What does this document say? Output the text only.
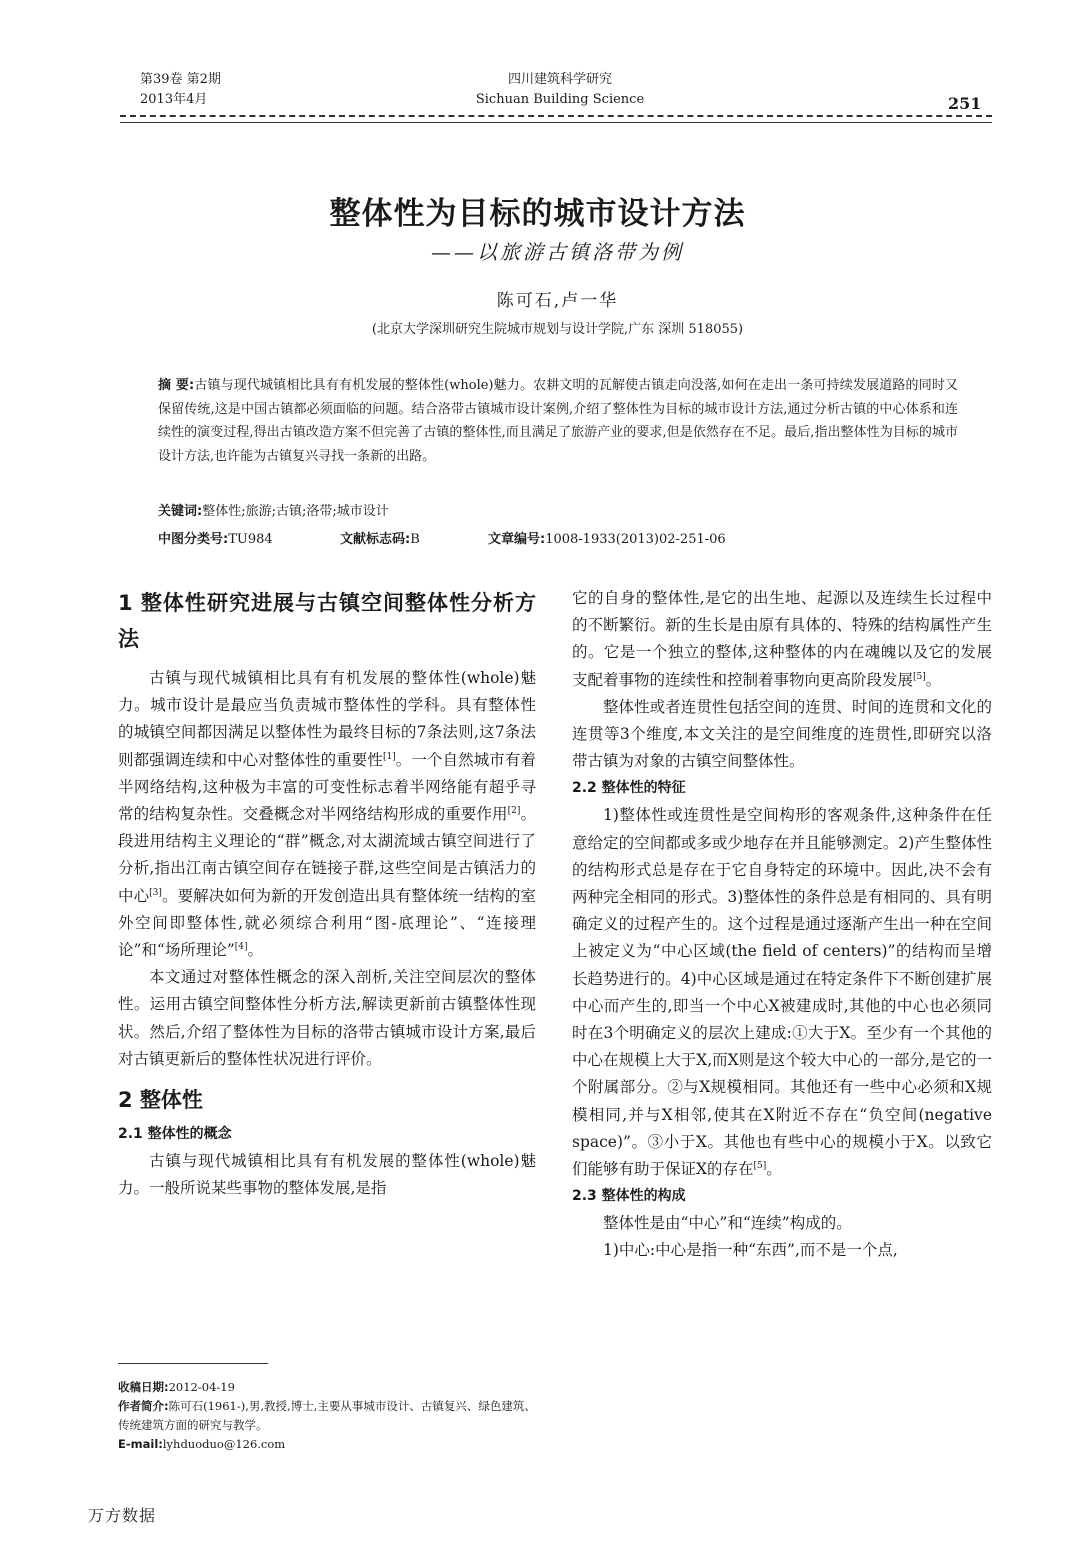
第39卷 第2期
2013年4月
四川建筑科学研究
Sichuan Building Science	251
整体性为目标的城市设计方法
——以旅游古镇洛带为例
陈可石,卢一华
(北京大学深圳研究生院城市规划与设计学院,广东 深圳 518055)
摘 要:古镇与现代城镇相比具有有机发展的整体性(whole)魅力。农耕文明的瓦解使古镇走向没落,如何在走出一条可持续发展道路的同时又保留传统,这是中国古镇都必须面临的问题。结合洛带古镇城市设计案例,介绍了整体性为目标的城市设计方法,通过分析古镇的中心体系和连续性的演变过程,得出古镇改造方案不但完善了古镇的整体性,而且满足了旅游产业的要求,但是依然存在不足。最后,指出整体性为目标的城市设计方法,也许能为古镇复兴寻找一条新的出路。
关键词:整体性;旅游;古镇;洛带;城市设计
中图分类号:TU984	文献标志码:B	文章编号:1008-1933(2013)02-251-06
1 整体性研究进展与古镇空间整体性分析方法

古镇与现代城镇相比具有有机发展的整体性(whole)魅力。城市设计是最应当负责城市整体性的学科。具有整体性的城镇空间都因满足以整体性为最终目标的7条法则,这7条法则都强调连续和中心对整体性的重要性[1]。一个自然城市有着半网络结构,这种极为丰富的可变性标志着半网络能有超乎寻常的结构复杂性。交叠概念对半网络结构形成的重要作用[2]。段进用结构主义理论的“群”概念,对太湖流域古镇空间进行了分析,指出江南古镇空间存在链接子群,这些空间是古镇活力的中心[3]。要解决如何为新的开发创造出具有整体统一结构的室外空间即整体性,就必须综合利用“图-底理论”、“连接理论”和“场所理论”[4]。

本文通过对整体性概念的深入剖析,关注空间层次的整体性。运用古镇空间整体性分析方法,解读更新前古镇整体性现状。然后,介绍了整体性为目标的洛带古镇城市设计方案,最后对古镇更新后的整体性状况进行评价。

2 整体性
2.1 整体性的概念

古镇与现代城镇相比具有有机发展的整体性(whole)魅力。一般所说某些事物的整体发展,是指

它的自身的整体性,是它的出生地、起源以及连续生长过程中的不断繁衍。新的生长是由原有具体的、特殊的结构属性产生的。它是一个独立的整体,这种整体的内在魂魄以及它的发展支配着事物的连续性和控制着事物向更高阶段发展[5]。

整体性或者连贯性包括空间的连贯、时间的连贯和文化的连贯等3个维度,本文关注的是空间维度的连贯性,即研究以洛带古镇为对象的古镇空间整体性。

2.2 整体性的特征

1)整体性或连贯性是空间构形的客观条件,这种条件在任意给定的空间都或多或少地存在并且能够测定。2)产生整体性的结构形式总是存在于它自身特定的环境中。因此,决不会有两种完全相同的形式。3)整体性的条件总是有相同的、具有明确定义的过程产生的。这个过程是通过逐渐产生出一种在空间上被定义为“中心区域(the field of centers)”的结构而呈增长趋势进行的。4)中心区域是通过在特定条件下不断创建扩展中心而产生的,即当一个中心X被建成时,其他的中心也必须同时在3个明确定义的层次上建成:①大于X。至少有一个其他的中心在规模上大于X,而X则是这个较大中心的一部分,是它的一个附属部分。②与X规模相同。其他还有一些中心必须和X规模相同,并与X相邻,使其在X附近不存在“负空间(negative space)”。③小于X。其他也有些中心的规模小于X。以致它们能够有助于保证X的存在[5]。

2.3 整体性的构成

整体性是由“中心”和“连续”构成的。

1)中心:中心是指一种“东西”,而不是一个点,

收稿日期:2012-04-19
作者简介:陈可石(1961-),男,教授,博士,主要从事城市设计、古镇复兴、绿色建筑、传统建筑方面的研究与教学。
E-mail:lyhduoduo@126.com
万方数据
